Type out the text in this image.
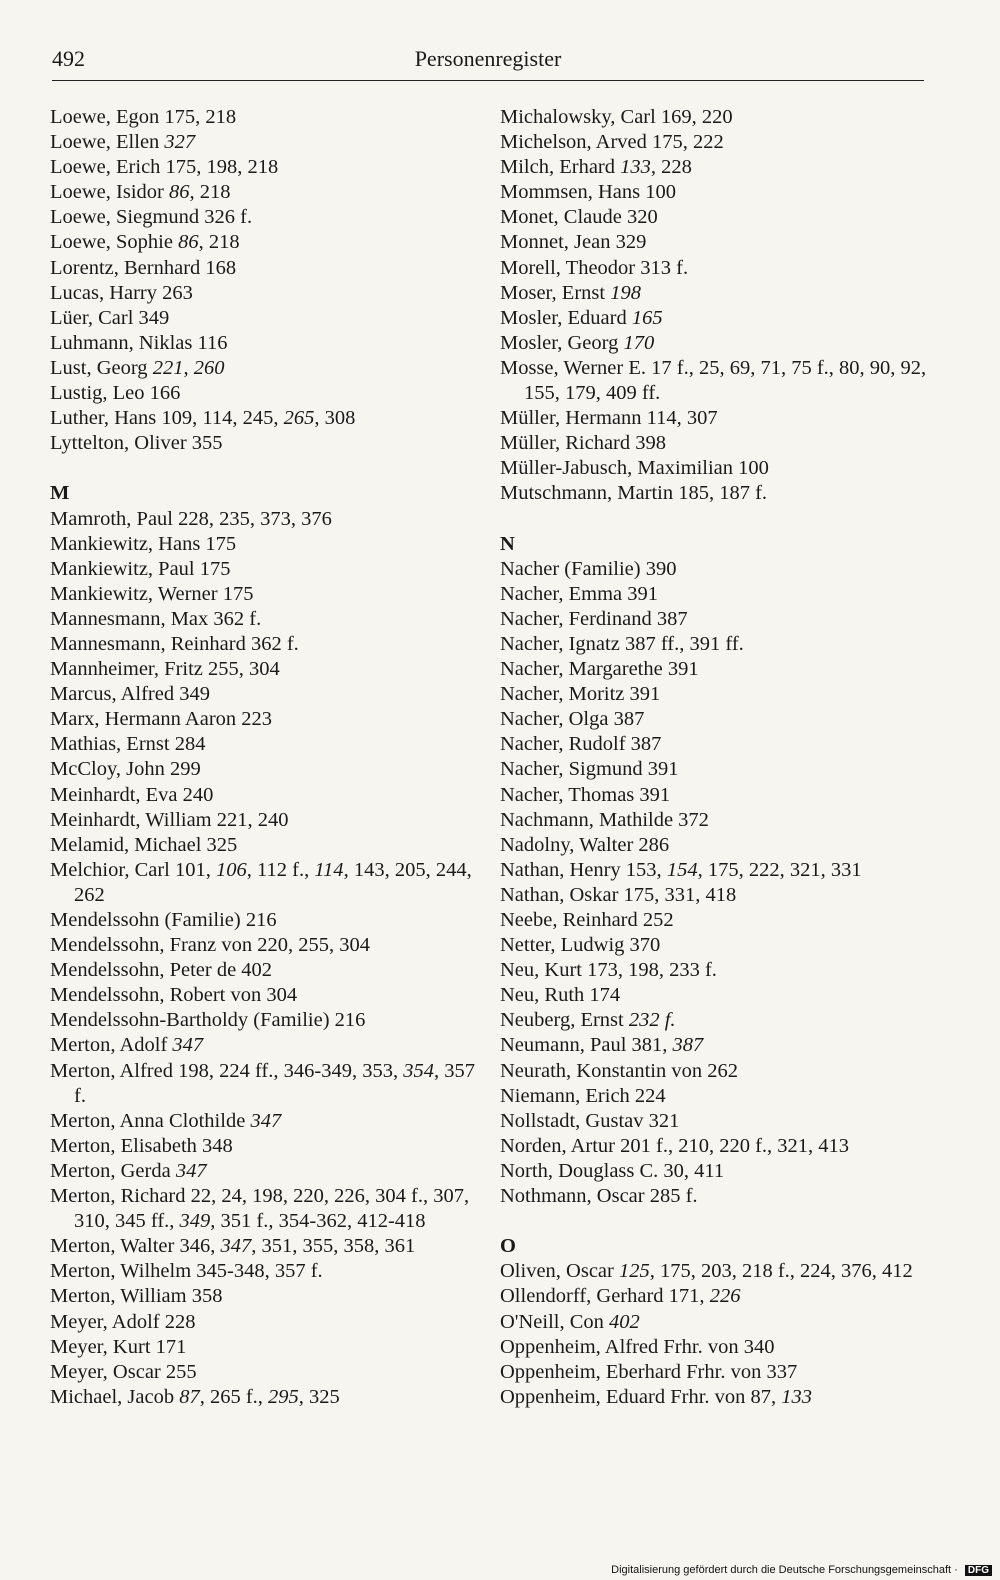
492	Personenregister
Loewe, Egon 175, 218
Loewe, Ellen 327
Loewe, Erich 175, 198, 218
Loewe, Isidor 86, 218
Loewe, Siegmund 326 f.
Loewe, Sophie 86, 218
Lorentz, Bernhard 168
Lucas, Harry 263
Lüer, Carl 349
Luhmann, Niklas 116
Lust, Georg 221, 260
Lustig, Leo 166
Luther, Hans 109, 114, 245, 265, 308
Lyttelton, Oliver 355
M
Mamroth, Paul 228, 235, 373, 376
Mankiewitz, Hans 175
Mankiewitz, Paul 175
Mankiewitz, Werner 175
Mannesmann, Max 362 f.
Mannesmann, Reinhard 362 f.
Mannheimer, Fritz 255, 304
Marcus, Alfred 349
Marx, Hermann Aaron 223
Mathias, Ernst 284
McCloy, John 299
Meinhardt, Eva 240
Meinhardt, William 221, 240
Melamid, Michael 325
Melchior, Carl 101, 106, 112 f., 114, 143, 205, 244, 262
Mendelssohn (Familie) 216
Mendelssohn, Franz von 220, 255, 304
Mendelssohn, Peter de 402
Mendelssohn, Robert von 304
Mendelssohn-Bartholdy (Familie) 216
Merton, Adolf 347
Merton, Alfred 198, 224 ff., 346-349, 353, 354, 357 f.
Merton, Anna Clothilde 347
Merton, Elisabeth 348
Merton, Gerda 347
Merton, Richard 22, 24, 198, 220, 226, 304 f., 307, 310, 345 ff., 349, 351 f., 354-362, 412-418
Merton, Walter 346, 347, 351, 355, 358, 361
Merton, Wilhelm 345-348, 357 f.
Merton, William 358
Meyer, Adolf 228
Meyer, Kurt 171
Meyer, Oscar 255
Michael, Jacob 87, 265 f., 295, 325
Michalowsky, Carl 169, 220
Michelson, Arved 175, 222
Milch, Erhard 133, 228
Mommsen, Hans 100
Monet, Claude 320
Monnet, Jean 329
Morell, Theodor 313 f.
Moser, Ernst 198
Mosler, Eduard 165
Mosler, Georg 170
Mosse, Werner E. 17 f., 25, 69, 71, 75 f., 80, 90, 92, 155, 179, 409 ff.
Müller, Hermann 114, 307
Müller, Richard 398
Müller-Jabusch, Maximilian 100
Mutschmann, Martin 185, 187 f.
N
Nacher (Familie) 390
Nacher, Emma 391
Nacher, Ferdinand 387
Nacher, Ignatz 387 ff., 391 ff.
Nacher, Margarethe 391
Nacher, Moritz 391
Nacher, Olga 387
Nacher, Rudolf 387
Nacher, Sigmund 391
Nacher, Thomas 391
Nachmann, Mathilde 372
Nadolny, Walter 286
Nathan, Henry 153, 154, 175, 222, 321, 331
Nathan, Oskar 175, 331, 418
Neebe, Reinhard 252
Netter, Ludwig 370
Neu, Kurt 173, 198, 233 f.
Neu, Ruth 174
Neuberg, Ernst 232 f.
Neumann, Paul 381, 387
Neurath, Konstantin von 262
Niemann, Erich 224
Nollstadt, Gustav 321
Norden, Artur 201 f., 210, 220 f., 321, 413
North, Douglass C. 30, 411
Nothmann, Oscar 285 f.
O
Oliven, Oscar 125, 175, 203, 218 f., 224, 376, 412
Ollendorff, Gerhard 171, 226
O'Neill, Con 402
Oppenheim, Alfred Frhr. von 340
Oppenheim, Eberhard Frhr. von 337
Oppenheim, Eduard Frhr. von 87, 133
Digitalisierung gefördert durch die Deutsche Forschungsgemeinschaft · DFG
